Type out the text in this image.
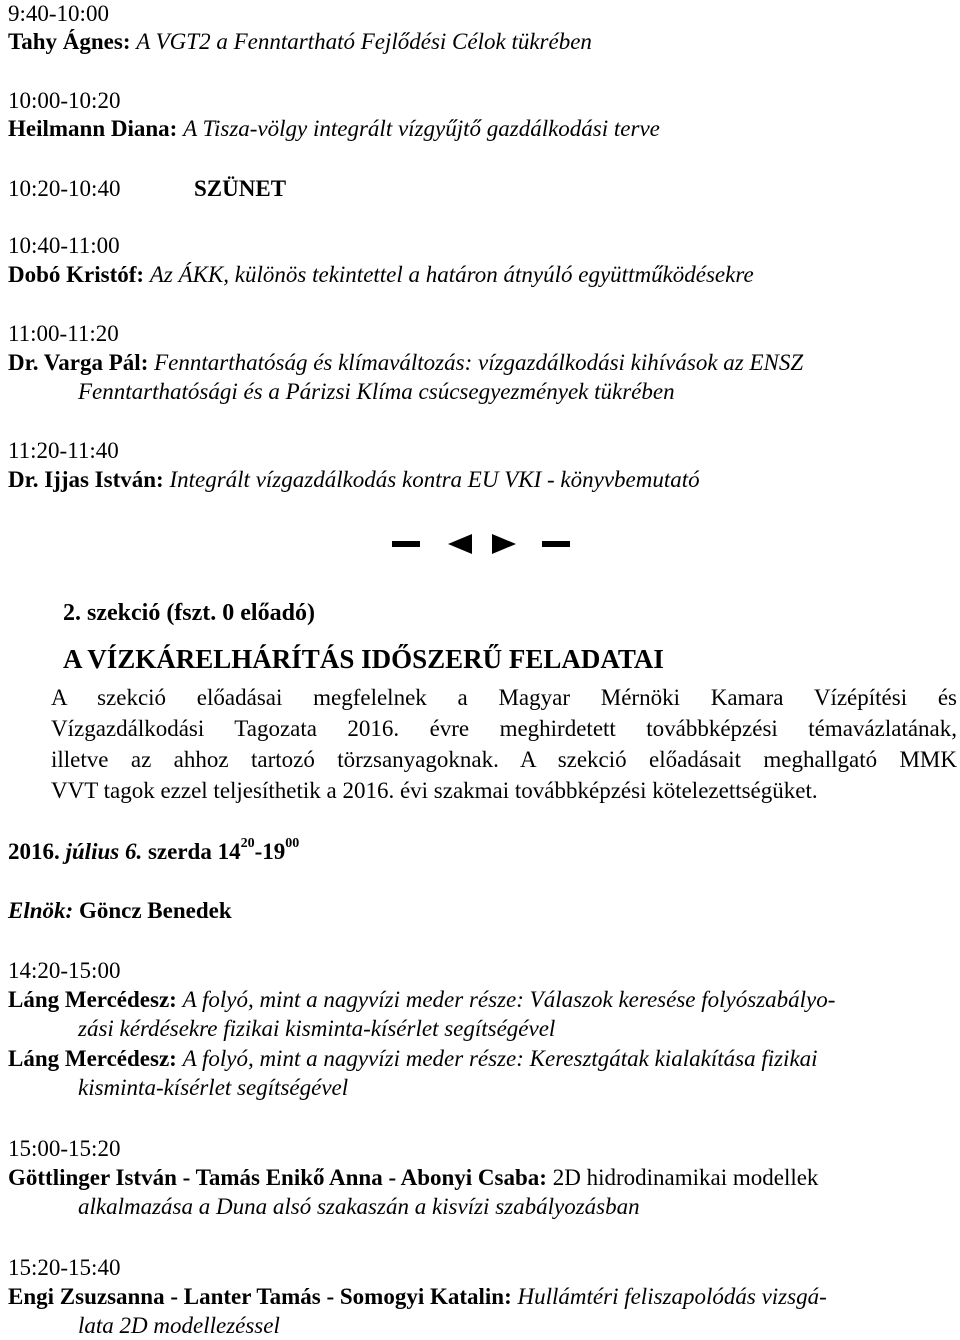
9:40-10:00
Tahy Ágnes: A VGT2 a Fenntartható Fejlődési Célok tükrében
10:00-10:20
Heilmann Diana: A Tisza-völgy integrált vízgyűjtő gazdálkodási terve
10:20-10:40	SZÜNET
10:40-11:00
Dobó Kristóf: Az ÁKK, különös tekintettel a határon átnyúló együttműködésekre
11:00-11:20
Dr. Varga Pál: Fenntarthatóság és klímaváltozás: vízgazdálkodási kihívások az ENSZ
Fenntarthatósági és a Párizsi Klíma csúcsegyezmények tükrében
11:20-11:40
Dr. Ijjas István: Integrált vízgazdálkodás kontra EU VKI - könyvbemutató
2. szekció (fszt. 0 előadó)
A VÍZKÁRELHÁRÍTÁS IDŐSZERŰ FELADATAI
A szekció előadásai megfelelnek a Magyar Mérnöki Kamara Vízépítési és
Vízgazdálkodási Tagozata 2016. évre meghirdetett továbbképzési témavázlatának,
illetve az ahhoz tartozó törzsanyagoknak. A szekció előadásait meghallgató MMK
VVT tagok ezzel teljesíthetik a 2016. évi szakmai továbbképzési kötelezettségüket.
2016. július 6. szerda $14^{20}-19^{00}$
Elnök: Göncz Benedek
14:20-15:00
Láng Mercédesz: A folyó, mint a nagyvízi meder része: Válaszok keresése folyószabályo-
zási kérdésekre fizikai kisminta-kísérlet segítségével
Láng Mercédesz: A folyó, mint a nagyvízi meder része: Keresztgátak kialakítása fizikai
kisminta-kísérlet segítségével
15:00-15:20
Göttlinger István - Tamás Enikő Anna - Abonyi Csaba: 2D hidrodinamikai modellek
alkalmazása a Duna alsó szakaszán a kisvízi szabályozásban
15:20-15:40
Engi Zsuzsanna - Lanter Tamás - Somogyi Katalin: Hullámtéri feliszapolódás vizsgá-
lata 2D modellezéssel
